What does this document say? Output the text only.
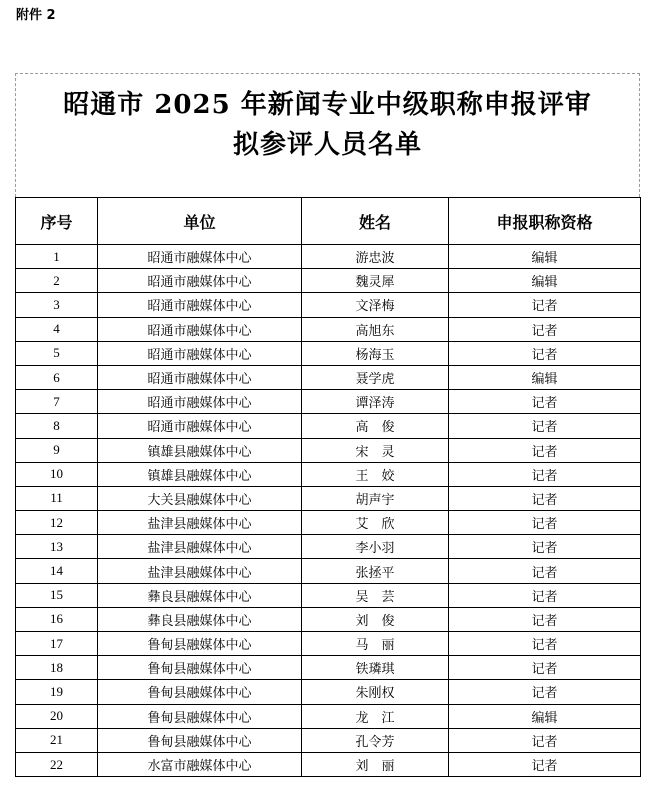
附件 2
昭通市 2025 年新闻专业中级职称申报评审
拟参评人员名单
序号	单位	姓名	申报职称资格
1	昭通市融媒体中心	游忠波	编辑
2	昭通市融媒体中心	魏灵犀	编辑
3	昭通市融媒体中心	文泽梅	记者
4	昭通市融媒体中心	高旭东	记者
5	昭通市融媒体中心	杨海玉	记者
6	昭通市融媒体中心	聂学虎	编辑
7	昭通市融媒体中心	谭泽涛	记者
8	昭通市融媒体中心	高　俊	记者
9	镇雄县融媒体中心	宋　灵	记者
10	镇雄县融媒体中心	王　姣	记者
11	大关县融媒体中心	胡声宇	记者
12	盐津县融媒体中心	艾　欣	记者
13	盐津县融媒体中心	李小羽	记者
14	盐津县融媒体中心	张拯平	记者
15	彝良县融媒体中心	吴　芸	记者
16	彝良县融媒体中心	刘　俊	记者
17	鲁甸县融媒体中心	马　丽	记者
18	鲁甸县融媒体中心	铁璘琪	记者
19	鲁甸县融媒体中心	朱刚权	记者
20	鲁甸县融媒体中心	龙　江	编辑
21	鲁甸县融媒体中心	孔令芳	记者
22	水富市融媒体中心	刘　丽	记者
